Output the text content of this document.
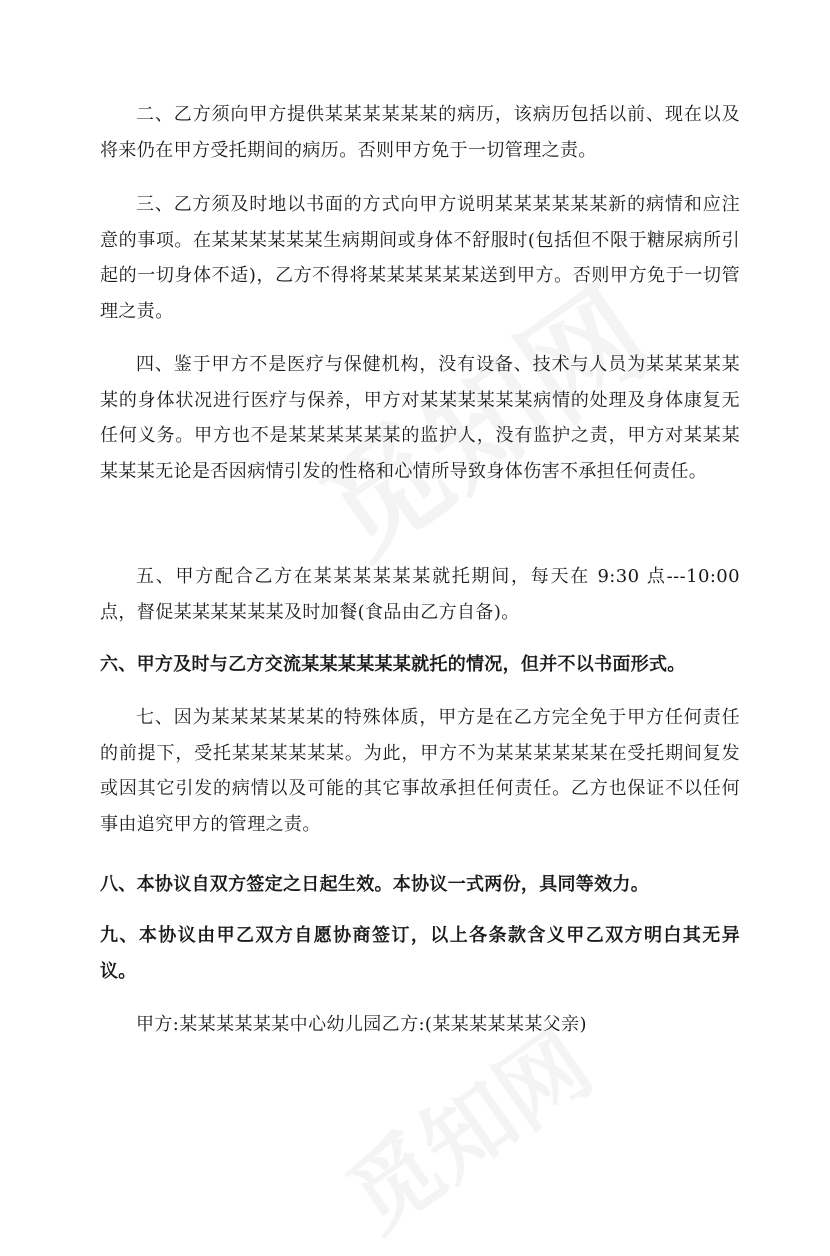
二、乙方须向甲方提供某某某某某某的病历，该病历包括以前、现在以及将来仍在甲方受托期间的病历。否则甲方免于一切管理之责。

三、乙方须及时地以书面的方式向甲方说明某某某某某某新的病情和应注意的事项。在某某某某某某生病期间或身体不舒服时(包括但不限于糖尿病所引起的一切身体不适)，乙方不得将某某某某某某送到甲方。否则甲方免于一切管理之责。

四、鉴于甲方不是医疗与保健机构，没有设备、技术与人员为某某某某某某的身体状况进行医疗与保养，甲方对某某某某某某病情的处理及身体康复无任何义务。甲方也不是某某某某某某的监护人，没有监护之责，甲方对某某某某某某无论是否因病情引发的性格和心情所导致身体伤害不承担任何责任。

五、甲方配合乙方在某某某某某某就托期间，每天在 9:30 点---10:00 点，督促某某某某某某及时加餐(食品由乙方自备)。

六、甲方及时与乙方交流某某某某某某就托的情况，但并不以书面形式。

七、因为某某某某某某的特殊体质，甲方是在乙方完全免于甲方任何责任的前提下，受托某某某某某某。为此，甲方不为某某某某某某在受托期间复发或因其它引发的病情以及可能的其它事故承担任何责任。乙方也保证不以任何事由追究甲方的管理之责。

八、本协议自双方签定之日起生效。本协议一式两份，具同等效力。

九、本协议由甲乙双方自愿协商签订，以上各条款含义甲乙双方明白其无异议。

甲方:某某某某某某中心幼儿园乙方:(某某某某某某父亲)
